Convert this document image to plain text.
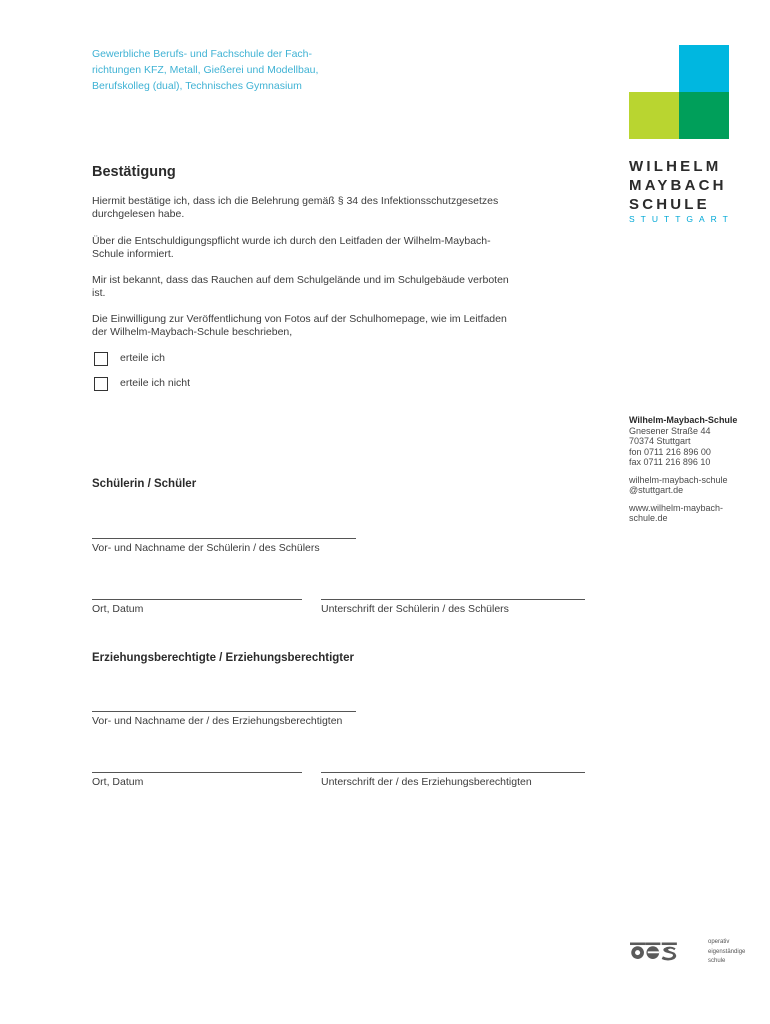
Gewerbliche Berufs- und Fachschule der Fach-
richtungen KFZ, Metall, Gießerei und Modellbau,
Berufskolleg (dual), Technisches Gymnasium
WILHELM
MAYBACH
SCHULE
STUTTGART
Bestätigung
Hiermit bestätige ich, dass ich die Belehrung gemäß § 34 des Infektionsschutzgesetzes
durchgelesen habe.
Über die Entschuldigungspflicht wurde ich durch den Leitfaden der Wilhelm-Maybach-
Schule informiert.
Mir ist bekannt, dass das Rauchen auf dem Schulgelände und im Schulgebäude verboten
ist.
Die Einwilligung zur Veröffentlichung von Fotos auf der Schulhomepage, wie im Leitfaden
der Wilhelm-Maybach-Schule beschrieben,
erteile ich
erteile ich nicht
Wilhelm-Maybach-Schule
Gnesener Straße 44
70374 Stuttgart
fon 0711 216 896 00
fax 0711 216 896 10
wilhelm-maybach-schule
@stuttgart.de
www.wilhelm-maybach-
schule.de
Schülerin / Schüler
Vor- und Nachname der Schülerin / des Schülers
Ort, Datum	Unterschrift der Schülerin / des Schülers
Erziehungsberechtigte / Erziehungsberechtigter
Vor- und Nachname der / des Erziehungsberechtigten
Ort, Datum	Unterschrift der / des Erziehungsberechtigten
operativ
eigenständige
schule
